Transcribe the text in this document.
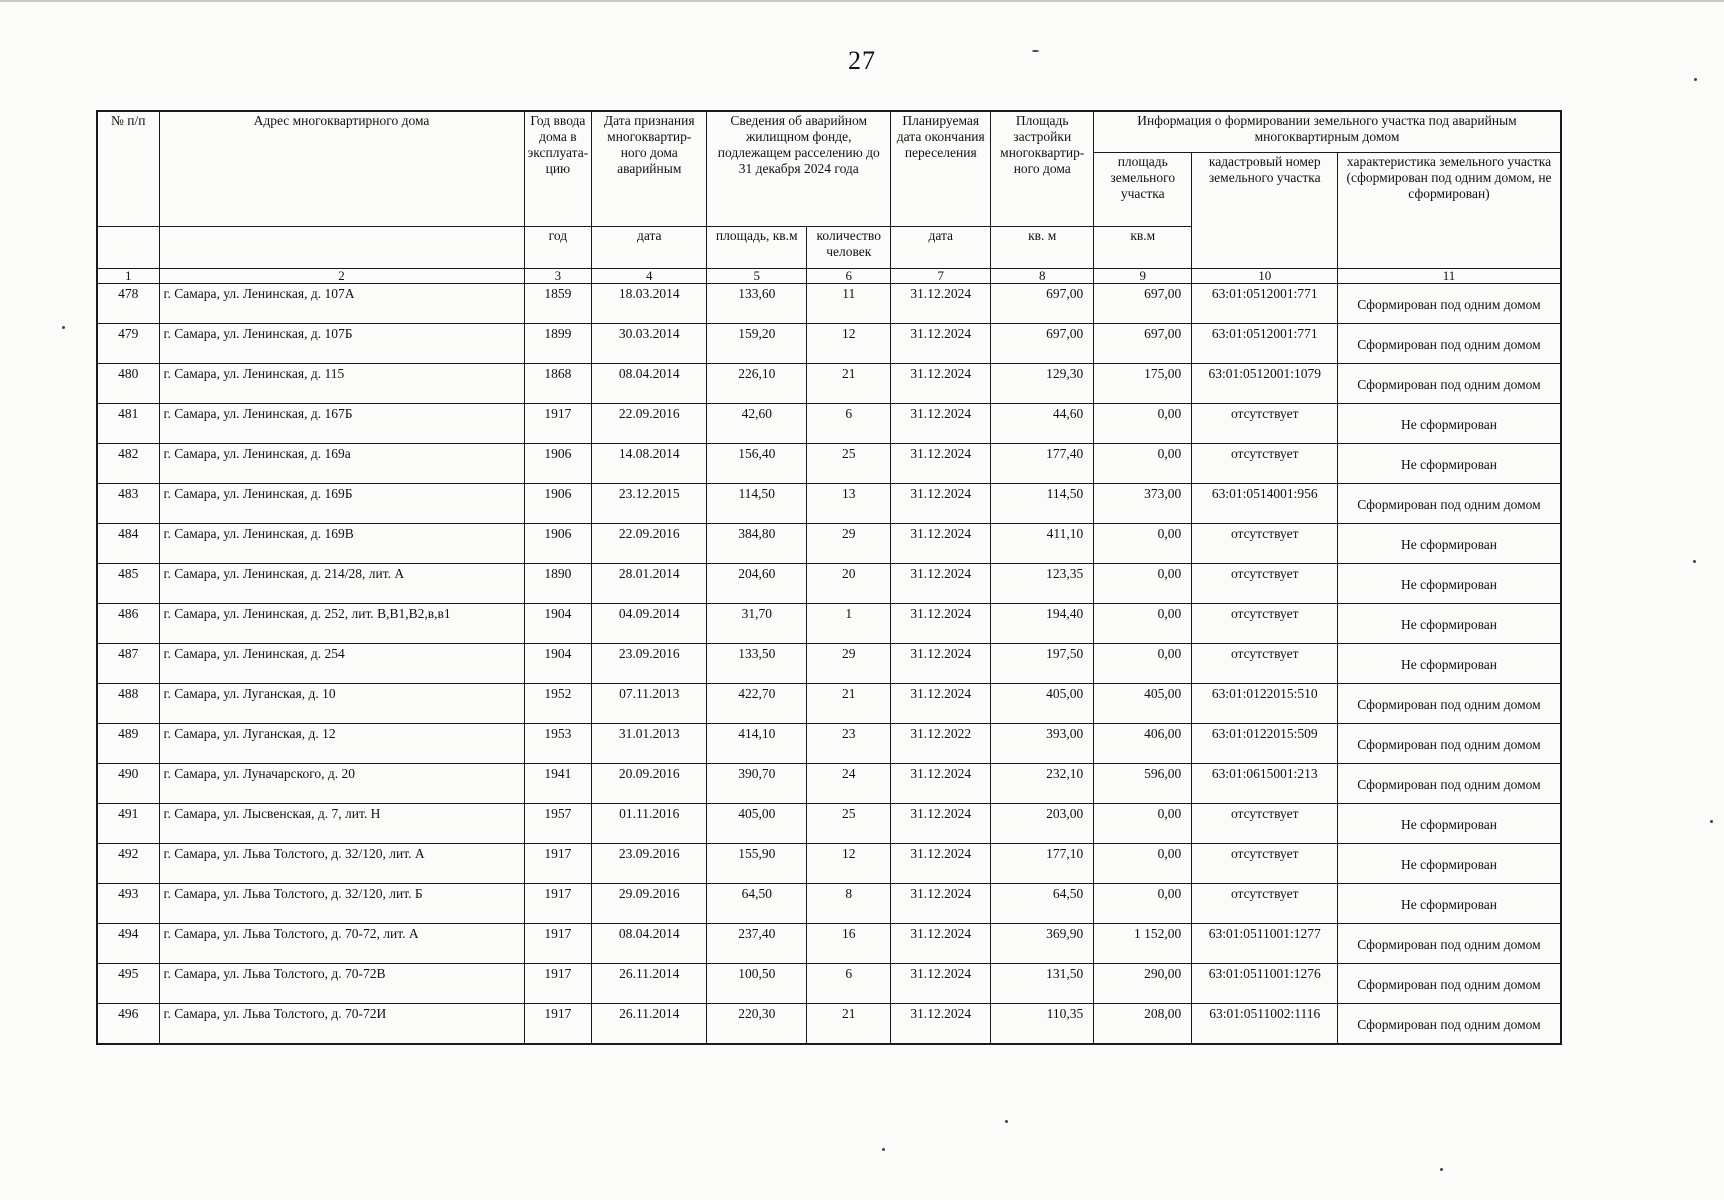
27
№ п/п	Адрес многоквартирного дома	Год ввода дома в эксплуата-цию	Дата признания многоквартир-ного дома аварийным	Сведения об аварийном жилищном фонде, подлежащем расселению до 31 декабря 2024 года		Планируемая дата окончания переселения	Площадь застройки многоквартир-ного дома	Информация о формировании земельного участка под аварийным многоквартирным домом		
								площадь земельного участка	кадастровый номер земельного участка	характеристика земельного участка (сформирован под одним домом, не сформирован)
		год	дата	площадь, кв.м	количество человек	дата	кв. м	кв.м		
1	2	3	4	5	6	7	8	9	10	11
478	г. Самара, ул. Ленинская, д. 107А	1859	18.03.2014	133,60	11	31.12.2024	697,00	697,00	63:01:0512001:771	Сформирован под одним домом
479	г. Самара, ул. Ленинская, д. 107Б	1899	30.03.2014	159,20	12	31.12.2024	697,00	697,00	63:01:0512001:771	Сформирован под одним домом
480	г. Самара, ул. Ленинская, д. 115	1868	08.04.2014	226,10	21	31.12.2024	129,30	175,00	63:01:0512001:1079	Сформирован под одним домом
481	г. Самара, ул. Ленинская, д. 167Б	1917	22.09.2016	42,60	6	31.12.2024	44,60	0,00	отсутствует	Не сформирован
482	г. Самара, ул. Ленинская, д. 169а	1906	14.08.2014	156,40	25	31.12.2024	177,40	0,00	отсутствует	Не сформирован
483	г. Самара, ул. Ленинская, д. 169Б	1906	23.12.2015	114,50	13	31.12.2024	114,50	373,00	63:01:0514001:956	Сформирован под одним домом
484	г. Самара, ул. Ленинская, д. 169В	1906	22.09.2016	384,80	29	31.12.2024	411,10	0,00	отсутствует	Не сформирован
485	г. Самара, ул. Ленинская, д. 214/28, лит. А	1890	28.01.2014	204,60	20	31.12.2024	123,35	0,00	отсутствует	Не сформирован
486	г. Самара, ул. Ленинская, д. 252, лит. В,В1,В2,в,в1	1904	04.09.2014	31,70	1	31.12.2024	194,40	0,00	отсутствует	Не сформирован
487	г. Самара, ул. Ленинская, д. 254	1904	23.09.2016	133,50	29	31.12.2024	197,50	0,00	отсутствует	Не сформирован
488	г. Самара, ул. Луганская, д. 10	1952	07.11.2013	422,70	21	31.12.2024	405,00	405,00	63:01:0122015:510	Сформирован под одним домом
489	г. Самара, ул. Луганская, д. 12	1953	31.01.2013	414,10	23	31.12.2022	393,00	406,00	63:01:0122015:509	Сформирован под одним домом
490	г. Самара, ул. Луначарского, д. 20	1941	20.09.2016	390,70	24	31.12.2024	232,10	596,00	63:01:0615001:213	Сформирован под одним домом
491	г. Самара, ул. Лысвенская, д. 7, лит. Н	1957	01.11.2016	405,00	25	31.12.2024	203,00	0,00	отсутствует	Не сформирован
492	г. Самара, ул. Льва Толстого, д. 32/120, лит. А	1917	23.09.2016	155,90	12	31.12.2024	177,10	0,00	отсутствует	Не сформирован
493	г. Самара, ул. Льва Толстого, д. 32/120, лит. Б	1917	29.09.2016	64,50	8	31.12.2024	64,50	0,00	отсутствует	Не сформирован
494	г. Самара, ул. Льва Толстого, д. 70-72, лит. А	1917	08.04.2014	237,40	16	31.12.2024	369,90	1 152,00	63:01:0511001:1277	Сформирован под одним домом
495	г. Самара, ул. Льва Толстого, д. 70-72В	1917	26.11.2014	100,50	6	31.12.2024	131,50	290,00	63:01:0511001:1276	Сформирован под одним домом
496	г. Самара, ул. Льва Толстого, д. 70-72И	1917	26.11.2014	220,30	21	31.12.2024	110,35	208,00	63:01:0511002:1116	Сформирован под одним домом
